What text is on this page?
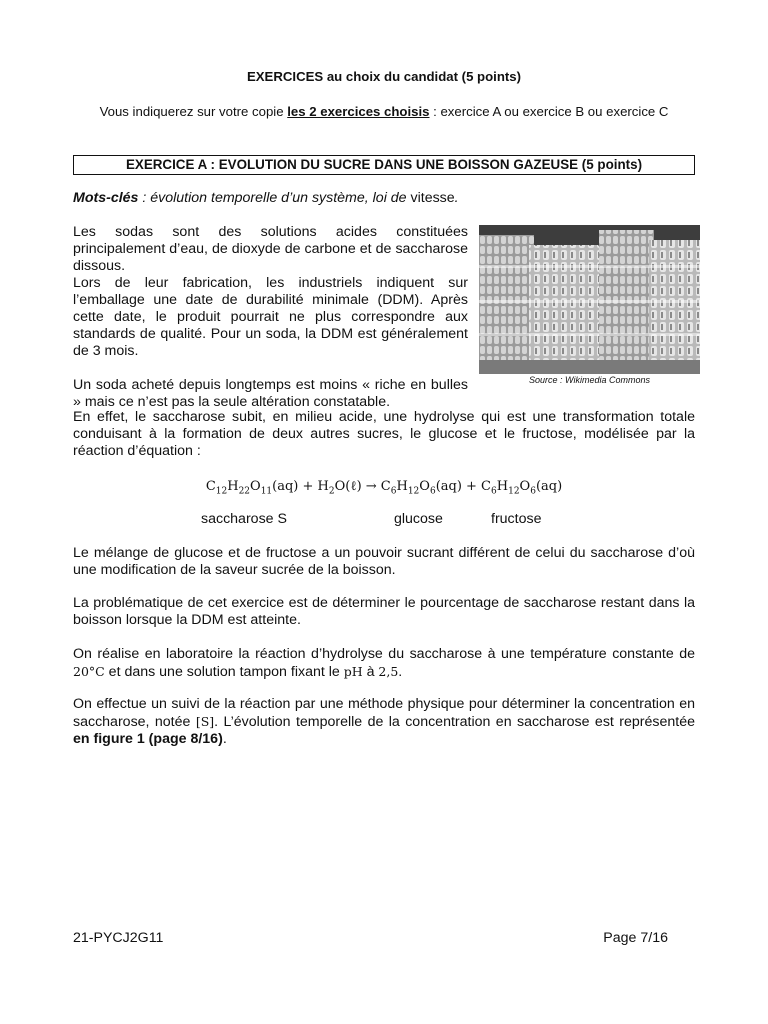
EXERCICES au choix du candidat (5 points)
Vous indiquerez sur votre copie les 2 exercices choisis : exercice A ou exercice B ou exercice C
EXERCICE A : EVOLUTION DU SUCRE DANS UNE BOISSON GAZEUSE (5 points)
Mots-clés : évolution temporelle d’un système, loi de vitesse.

Les sodas sont des solutions acides constituées principalement d’eau, de dioxyde de carbone et de saccharose dissous.

Lors de leur fabrication, les industriels indiquent sur l’emballage une date de durabilité minimale (DDM). Après cette date, le produit pourrait ne plus correspondre aux standards de qualité. Pour un soda, la DDM est généralement de 3 mois.

Source : Wikimedia Commons
Un soda acheté depuis longtemps est moins « riche en bulles » mais ce n’est pas la seule altération constatable.
En effet, le saccharose subit, en milieu acide, une hydrolyse qui est une transformation totale conduisant à la formation de deux autres sucres, le glucose et le fructose, modélisée par la réaction d’équation :
$C_{12}H_{22}O_{11}(aq)$ + $H_2O(\ell) \to C_6H_{12}O_6(aq) + C_6H_{12}O_6(aq)$
saccharose S	glucose	fructose
Le mélange de glucose et de fructose a un pouvoir sucrant différent de celui du saccharose d’où une modification de la saveur sucrée de la boisson.
La problématique de cet exercice est de déterminer le pourcentage de saccharose restant dans la boisson lorsque la DDM est atteinte.
On réalise en laboratoire la réaction d’hydrolyse du saccharose à une température constante de 20°C et dans une solution tampon fixant le pH à 2,5.
On effectue un suivi de la réaction par une méthode physique pour déterminer la concentration en saccharose, notée [S]. L’évolution temporelle de la concentration en saccharose est représentée en figure 1 (page 8/16).
21-PYCJ2G11	Page 7/16
